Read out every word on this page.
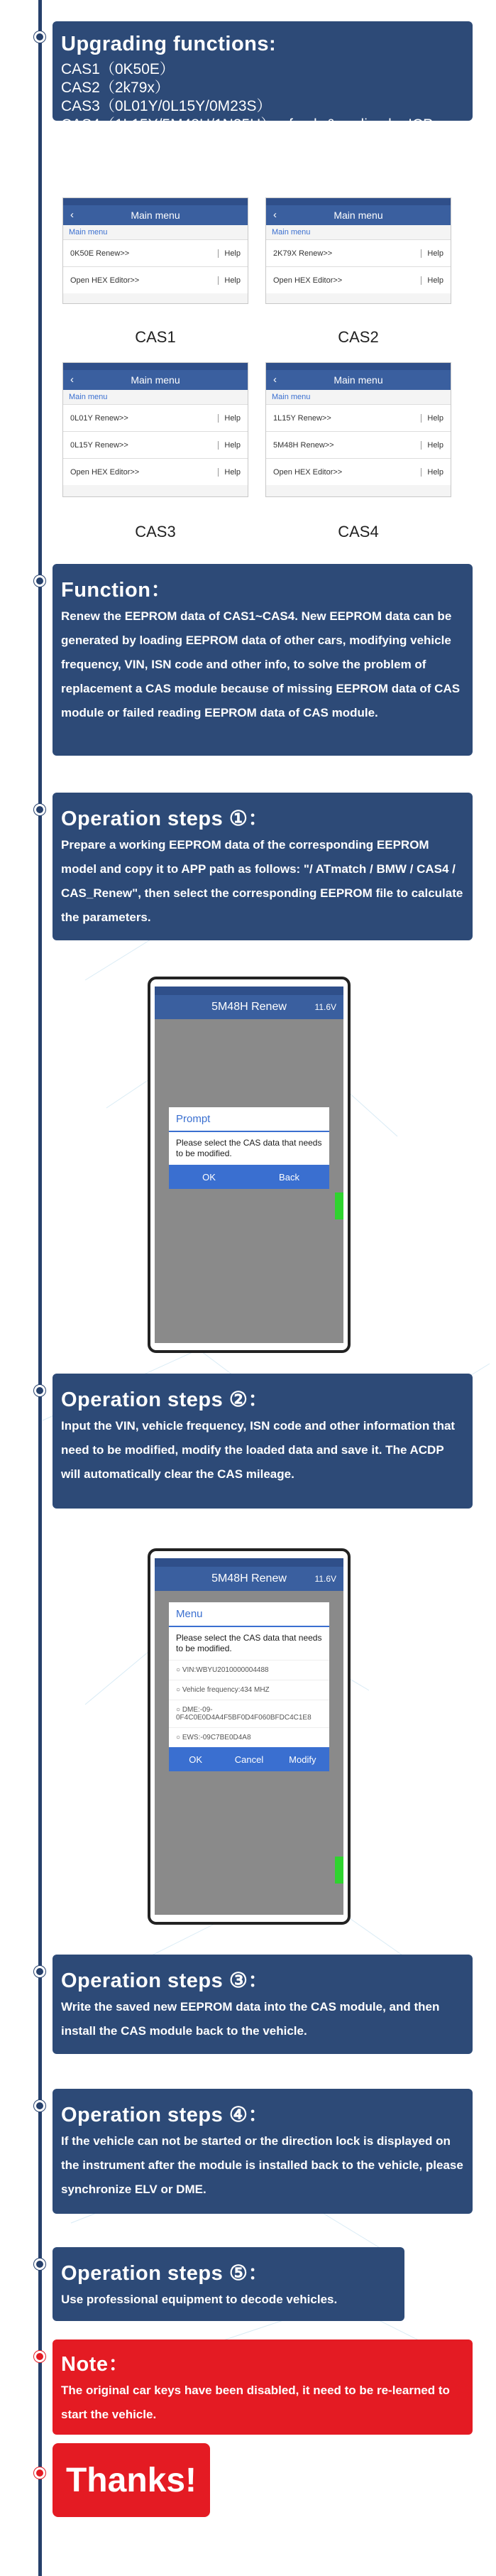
Upgrading functions:
CAS1（0K50E）
CAS2（2k79x）
CAS3（0L01Y/0L15Y/0M23S）
CAS4（1L15Y/5M48H/1N35H）refresh & coding by ICP.
‹	Main menu
Main menu
0K50E Renew>>	Help
Open HEX Editor>>	Help
CAS1
‹	Main menu
Main menu
2K79X Renew>>	Help
Open HEX Editor>>	Help
CAS2
‹	Main menu
Main menu
0L01Y Renew>>	Help
0L15Y Renew>>	Help
Open HEX Editor>>	Help
CAS3
‹	Main menu
Main menu
1L15Y Renew>>	Help
5M48H Renew>>	Help
Open HEX Editor>>	Help
CAS4
Function：

Renew the EEPROM data of CAS1~CAS4. New EEPROM data can be generated by loading EEPROM data of other cars, modifying vehicle frequency, VIN, ISN code and other info, to solve the problem of replacement a CAS module because of missing EEPROM data of CAS module or failed reading EEPROM data of CAS module.

Operation steps ①：

Prepare a working EEPROM data of the corresponding EEPROM model and copy it to APP path as follows: "/ ATmatch / BMW / CAS4 / CAS_Renew", then select the corresponding EEPROM file to calculate the parameters.

5M48H Renew	11.6V
Prompt
Please select the CAS data that needs to be modified.
OK	Back
Operation steps ②：

Input the VIN, vehicle frequency, ISN code and other information that need to be modified, modify the loaded data and save it. The ACDP will automatically clear the CAS mileage.

5M48H Renew	11.6V
Menu
Please select the CAS data that needs to be modified.
○ VIN:WBYU2010000004488
○ Vehicle frequency:434 MHZ
○ DME:-09-0F4C0E0D4A4F5BF0D4F060BFDC4C1E8
○ EWS:-09C7BE0D4A8
OK	Cancel	Modify
Operation steps ③：

Write the saved new EEPROM data into the CAS module, and then install the CAS module back to the vehicle.

Operation steps ④：

If the vehicle can not be started or the direction lock is displayed on the instrument after the module is installed back to the vehicle, please synchronize ELV or DME.

Operation steps ⑤：

Use professional equipment to decode vehicles.

Note：

The original car keys have been disabled, it need to be re-learned to start the vehicle.

Thanks!
